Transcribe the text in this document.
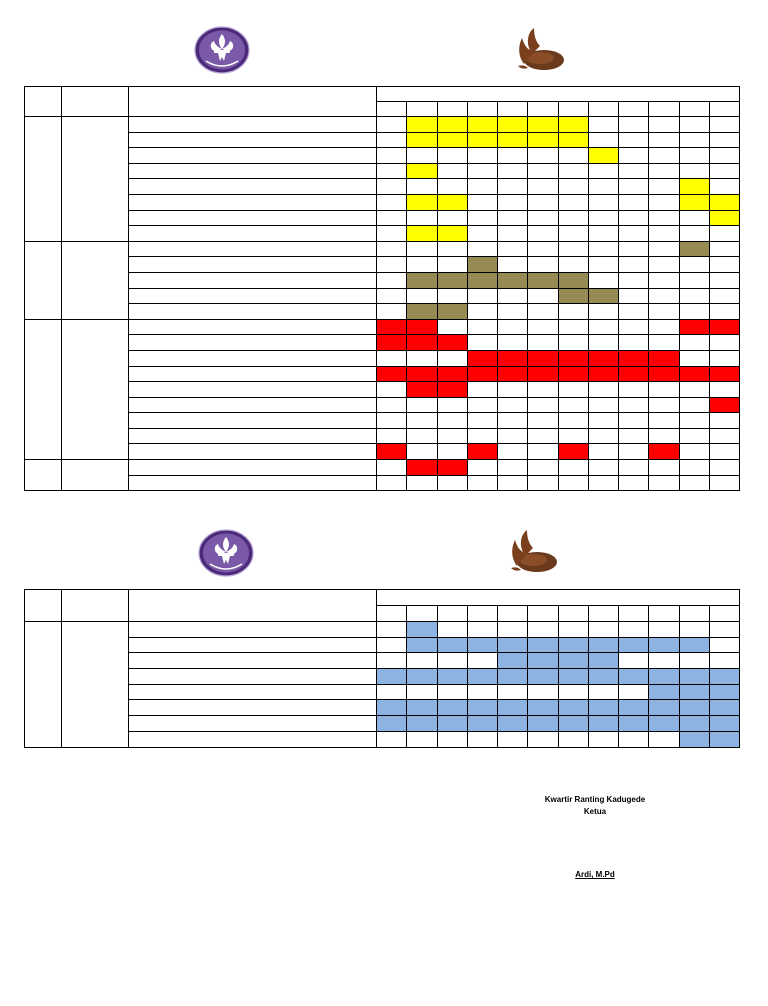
Kwartir Ranting Kadugede
Ketua
Ardi, M.Pd
